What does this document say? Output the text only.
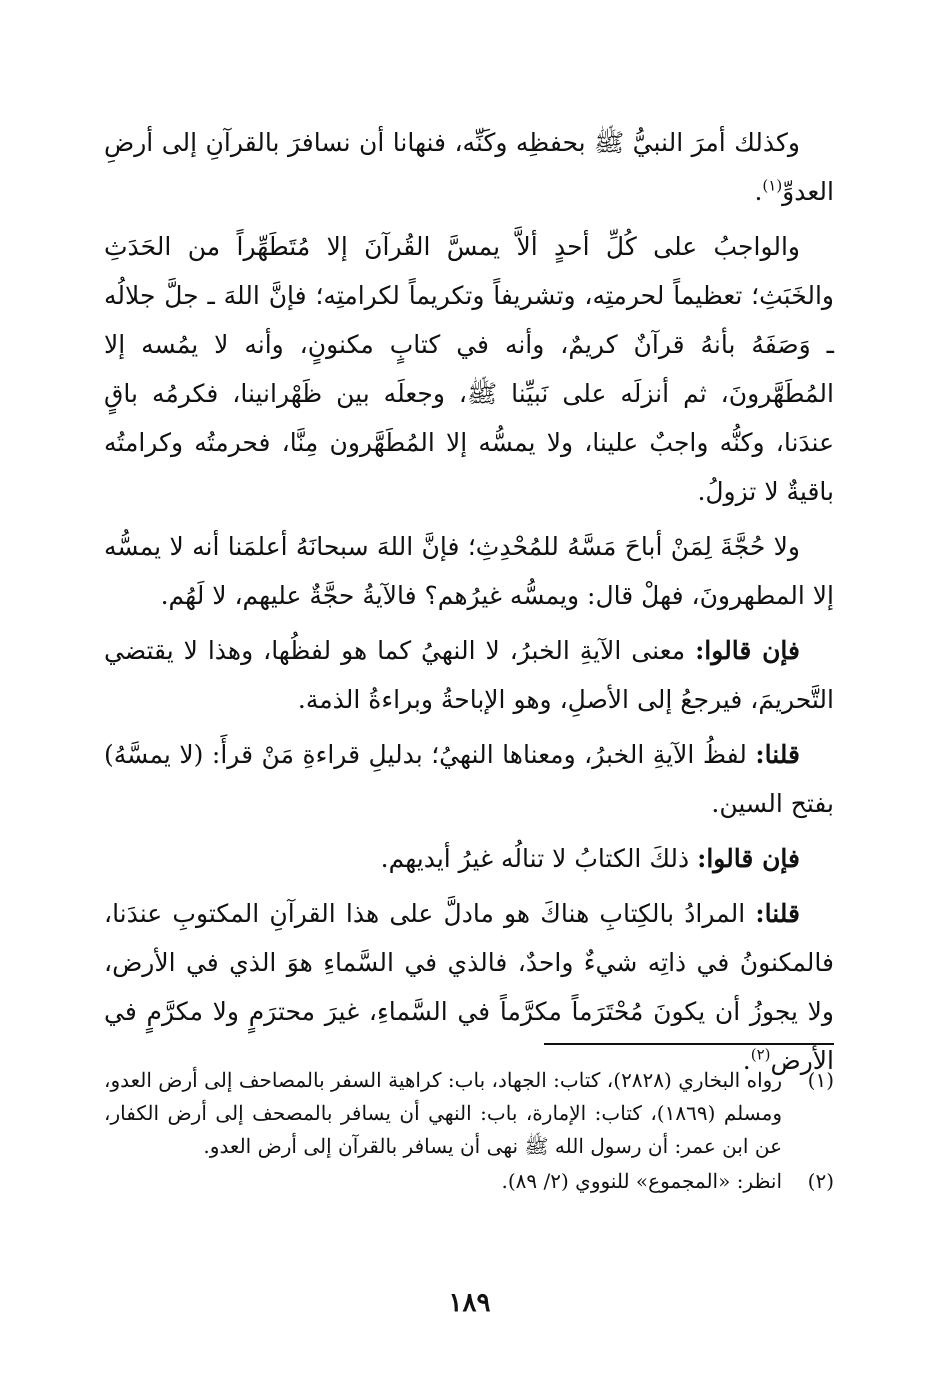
وكذلك أمرَ النبيُّ ﷺ بحفظِه وكَنِّه، فنهانا أن نسافرَ بالقرآنِ إلى أرضِ العدوِّ$^{(١)}$.

والواجبُ على كُلِّ أحدٍ ألاَّ يمسَّ القُرآنَ إلا مُتَطَهِّراً من الحَدَثِ والخَبَثِ؛ تعظيماً لحرمتِه، وتشريفاً وتكريماً لكرامتِه؛ فإنَّ اللهَ ـ جلَّ جلالُه ـ وَصَفَهُ بأنهُ قرآنٌ كريمٌ، وأنه في كتابٍ مكنونٍ، وأنه لا يمُسه إلا المُطَهَّرونَ، ثم أنزلَه على نَبيِّنا ﷺ، وجعلَه بين ظَهْرانينا، فكرمُه باقٍ عندَنا، وكنُّه واجبٌ علينا، ولا يمسُّه إلا المُطَهَّرون مِنَّا، فحرمتُه وكرامتُه باقيةٌ لا تزولُ.

ولا حُجَّةَ لِمَنْ أباحَ مَسَّهُ للمُحْدِثِ؛ فإنَّ اللهَ سبحانَهُ أعلمَنا أنه لا يمسُّه إلا المطهرونَ، فهلْ قال: ويمسُّه غيرُهم؟ فالآيةُ حجَّةٌ عليهم، لا لَهُم.

فإن قالوا: معنى الآيةِ الخبرُ، لا النهيُ كما هو لفظُها، وهذا لا يقتضي التَّحريمَ، فيرجعُ إلى الأصلِ، وهو الإباحةُ وبراءةُ الذمة.

قلنا: لفظُ الآيةِ الخبرُ، ومعناها النهيُ؛ بدليلِ قراءةِ مَنْ قرأَ: (لا يمسَّهُ) بفتح السين.

فإن قالوا: ذلكَ الكتابُ لا تنالُه غيرُ أيديهم.

قلنا: المرادُ بالكِتابِ هناكَ هو مادلَّ على هذا القرآنِ المكتوبِ عندَنا، فالمكنونُ في ذاتِه شيءٌ واحدٌ، فالذي في السَّماءِ هوَ الذي في الأرض، ولا يجوزُ أن يكونَ مُحْتَرَماً مكرَّماً في السَّماءِ، غيرَ محترَمٍ ولا مكرَّمٍ في الأرض$^{(٢)}$.

(١)
رواه البخاري (٢٨٢٨)، كتاب: الجهاد، باب: كراهية السفر بالمصاحف إلى أرض العدو، ومسلم (١٨٦٩)، كتاب: الإمارة، باب: النهي أن يسافر بالمصحف إلى أرض الكفار، عن ابن عمر: أن رسول الله ﷺ نهى أن يسافر بالقرآن إلى أرض العدو.
(٢)
انظر: «المجموع» للنووي (٢/ ٨٩).
١٨٩
